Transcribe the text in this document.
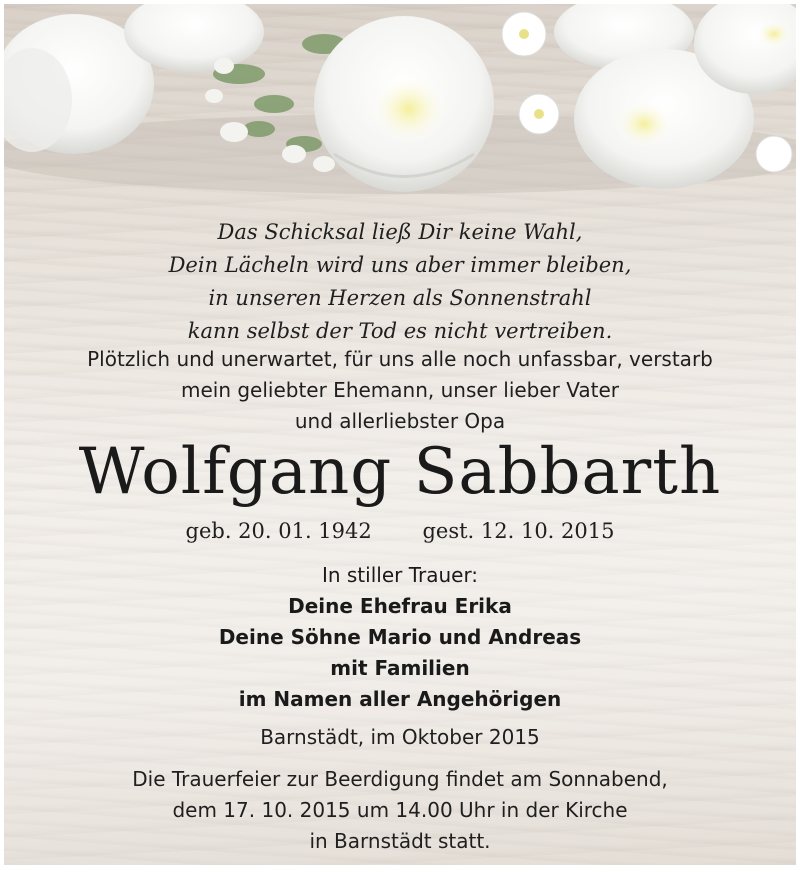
Das Schicksal ließ Dir keine Wahl,
Dein Lächeln wird uns aber immer bleiben,
in unseren Herzen als Sonnenstrahl
kann selbst der Tod es nicht vertreiben.
Plötzlich und unerwartet, für uns alle noch unfassbar, verstarb
mein geliebter Ehemann, unser lieber Vater
und allerliebster Opa
Wolfgang Sabbarth
geb. 20. 01. 1942 gest. 12. 10. 2015
In stiller Trauer:
Deine Ehefrau Erika
Deine Söhne Mario und Andreas
mit Familien
im Namen aller Angehörigen
Barnstädt, im Oktober 2015
Die Trauerfeier zur Beerdigung findet am Sonnabend,
dem 17. 10. 2015 um 14.00 Uhr in der Kirche
in Barnstädt statt.
